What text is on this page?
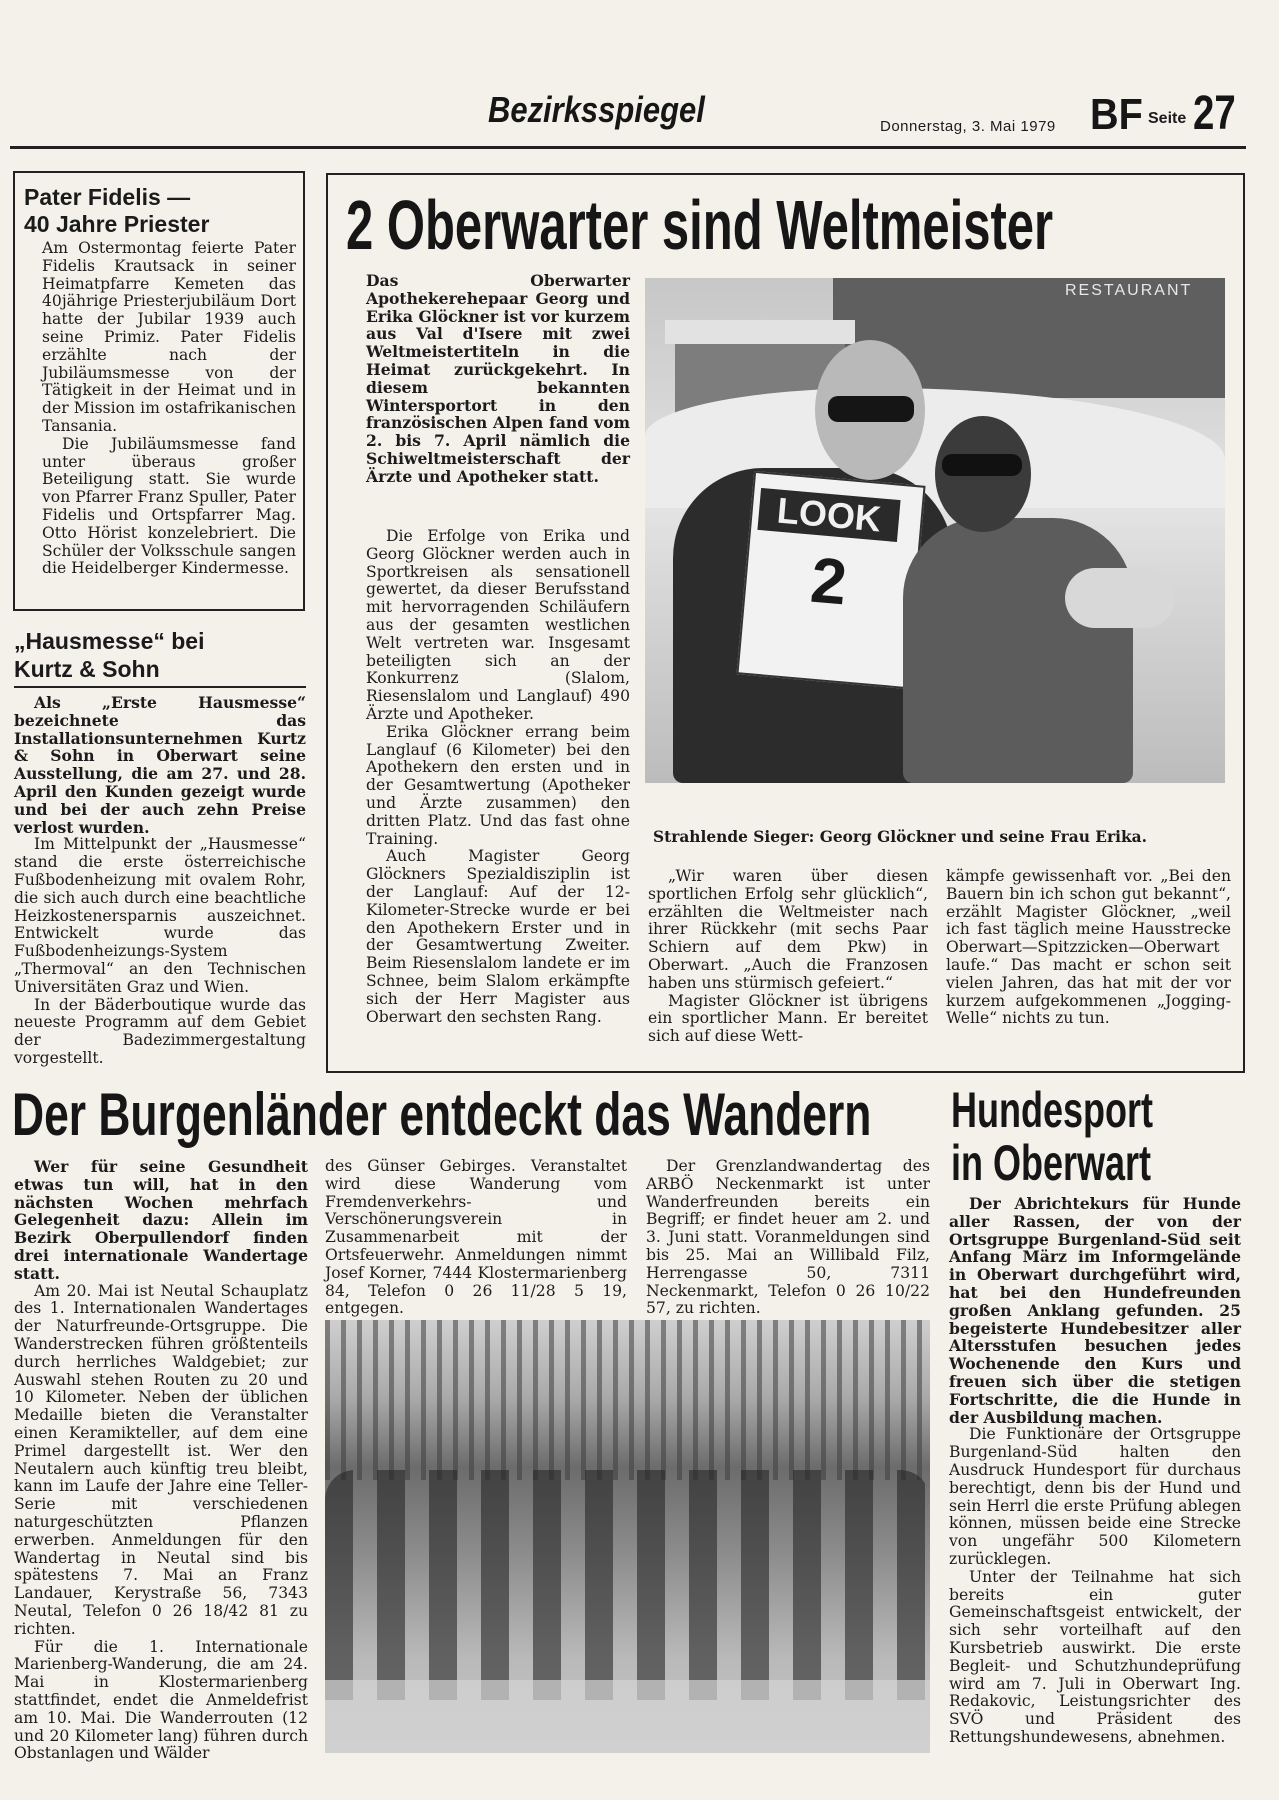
Bezirksspiegel	Donnerstag, 3. Mai 1979 BF Seite 27
Pater Fidelis —
40 Jahre Priester

Am Ostermontag feierte Pater Fidelis Krautsack in seiner Heimatpfarre Kemeten das 40jährige Priesterjubiläum Dort hatte der Jubilar 1939 auch seine Primiz. Pater Fidelis erzählte nach der Jubiläumsmesse von der Tätigkeit in der Heimat und in der Mission im ostafrikanischen Tansania.

Die Jubiläumsmesse fand unter überaus großer Beteiligung statt. Sie wurde von Pfarrer Franz Spuller, Pater Fidelis und Ortspfarrer Mag. Otto Hörist konzelebriert. Die Schüler der Volksschule sangen die Heidelberger Kindermesse.

„Hausmesse“ bei
Kurtz & Sohn

Als „Erste Hausmesse“ bezeichnete das Installationsunternehmen Kurtz & Sohn in Oberwart seine Ausstellung, die am 27. und 28. April den Kunden gezeigt wurde und bei der auch zehn Preise verlost wurden.

Im Mittelpunkt der „Hausmesse“ stand die erste österreichische Fußbodenheizung mit ovalem Rohr, die sich auch durch eine beachtliche Heizkostenersparnis auszeichnet. Entwickelt wurde das Fußbodenheizungs-System „Thermoval“ an den Technischen Universitäten Graz und Wien.

In der Bäderboutique wurde das neueste Programm auf dem Gebiet der Badezimmergestaltung vorgestellt.

2 Oberwarter sind Weltmeister

Das Oberwarter Apothekerehepaar Georg und Erika Glöckner ist vor kurzem aus Val d'Isere mit zwei Weltmeistertiteln in die Heimat zurückgekehrt. In diesem bekannten Wintersportort in den französischen Alpen fand vom 2. bis 7. April nämlich die Schiweltmeisterschaft der Ärzte und Apotheker statt.

Die Erfolge von Erika und Georg Glöckner werden auch in Sportkreisen als sensationell gewertet, da dieser Berufsstand mit hervorragenden Schiläufern aus der gesamten westlichen Welt vertreten war. Insgesamt beteiligten sich an der Konkurrenz (Slalom, Riesenslalom und Langlauf) 490 Ärzte und Apotheker.

Erika Glöckner errang beim Langlauf (6 Kilometer) bei den Apothekern den ersten und in der Gesamtwertung (Apotheker und Ärzte zusammen) den dritten Platz. Und das fast ohne Training.

Auch Magister Georg Glöckners Spezialdisziplin ist der Langlauf: Auf der 12-Kilometer-Strecke wurde er bei den Apothekern Erster und in der Gesamtwertung Zweiter. Beim Riesenslalom landete er im Schnee, beim Slalom erkämpfte sich der Herr Magister aus Oberwart den sechsten Rang.

RESTAURANT
LOOK
2
Strahlende Sieger: Georg Glöckner und seine Frau Erika.

„Wir waren über diesen sportlichen Erfolg sehr glücklich“, erzählten die Weltmeister nach ihrer Rückkehr (mit sechs Paar Schiern auf dem Pkw) in Oberwart. „Auch die Franzosen haben uns stürmisch gefeiert.“

Magister Glöckner ist übrigens ein sportlicher Mann. Er bereitet sich auf diese Wett-

kämpfe gewissenhaft vor. „Bei den Bauern bin ich schon gut bekannt“, erzählt Magister Glöckner, „weil ich fast täglich meine Hausstrecke Oberwart—Spitzzicken—Oberwart laufe.“ Das macht er schon seit vielen Jahren, das hat mit der vor kurzem aufgekommenen „Jogging-Welle“ nichts zu tun.

Der Burgenländer entdeckt das Wandern

Wer für seine Gesundheit etwas tun will, hat in den nächsten Wochen mehrfach Gelegenheit dazu: Allein im Bezirk Oberpullendorf finden drei internationale Wandertage statt.

Am 20. Mai ist Neutal Schauplatz des 1. Internationalen Wandertages der Naturfreunde-Ortsgruppe. Die Wanderstrecken führen größtenteils durch herrliches Waldgebiet; zur Auswahl stehen Routen zu 20 und 10 Kilometer. Neben der üblichen Medaille bieten die Veranstalter einen Keramikteller, auf dem eine Primel dargestellt ist. Wer den Neutalern auch künftig treu bleibt, kann im Laufe der Jahre eine Teller-Serie mit verschiedenen naturgeschützten Pflanzen erwerben. Anmeldungen für den Wandertag in Neutal sind bis spätestens 7. Mai an Franz Landauer, Kerystraße 56, 7343 Neutal, Telefon 0 26 18/42 81 zu richten.

Für die 1. Internationale Marienberg-Wanderung, die am 24. Mai in Klostermarienberg stattfindet, endet die Anmeldefrist am 10. Mai. Die Wanderrouten (12 und 20 Kilometer lang) führen durch Obstanlagen und Wälder

des Günser Gebirges. Veranstaltet wird diese Wanderung vom Fremdenverkehrs- und Verschönerungsverein in Zusammenarbeit mit der Ortsfeuerwehr. Anmeldungen nimmt Josef Korner, 7444 Klostermarienberg 84, Telefon 0 26 11/28 5 19, entgegen.

Der Grenzlandwandertag des ARBÖ Neckenmarkt ist unter Wanderfreunden bereits ein Begriff; er findet heuer am 2. und 3. Juni statt. Voranmeldungen sind bis 25. Mai an Willibald Filz, Herrengasse 50, 7311 Neckenmarkt, Telefon 0 26 10/22 57, zu richten.

Hundesport
in Oberwart

Der Abrichtekurs für Hunde aller Rassen, der von der Ortsgruppe Burgenland-Süd seit Anfang März im Informgelände in Oberwart durchgeführt wird, hat bei den Hundefreunden großen Anklang gefunden. 25 begeisterte Hundebesitzer aller Altersstufen besuchen jedes Wochenende den Kurs und freuen sich über die stetigen Fortschritte, die die Hunde in der Ausbildung machen.

Die Funktionäre der Ortsgruppe Burgenland-Süd halten den Ausdruck Hundesport für durchaus berechtigt, denn bis der Hund und sein Herrl die erste Prüfung ablegen können, müssen beide eine Strecke von ungefähr 500 Kilometern zurücklegen.

Unter der Teilnahme hat sich bereits ein guter Gemeinschaftsgeist entwickelt, der sich sehr vorteilhaft auf den Kursbetrieb auswirkt. Die erste Begleit- und Schutzhundeprüfung wird am 7. Juli in Oberwart Ing. Redakovic, Leistungsrichter des SVÖ und Präsident des Rettungshundewesens, abnehmen.
